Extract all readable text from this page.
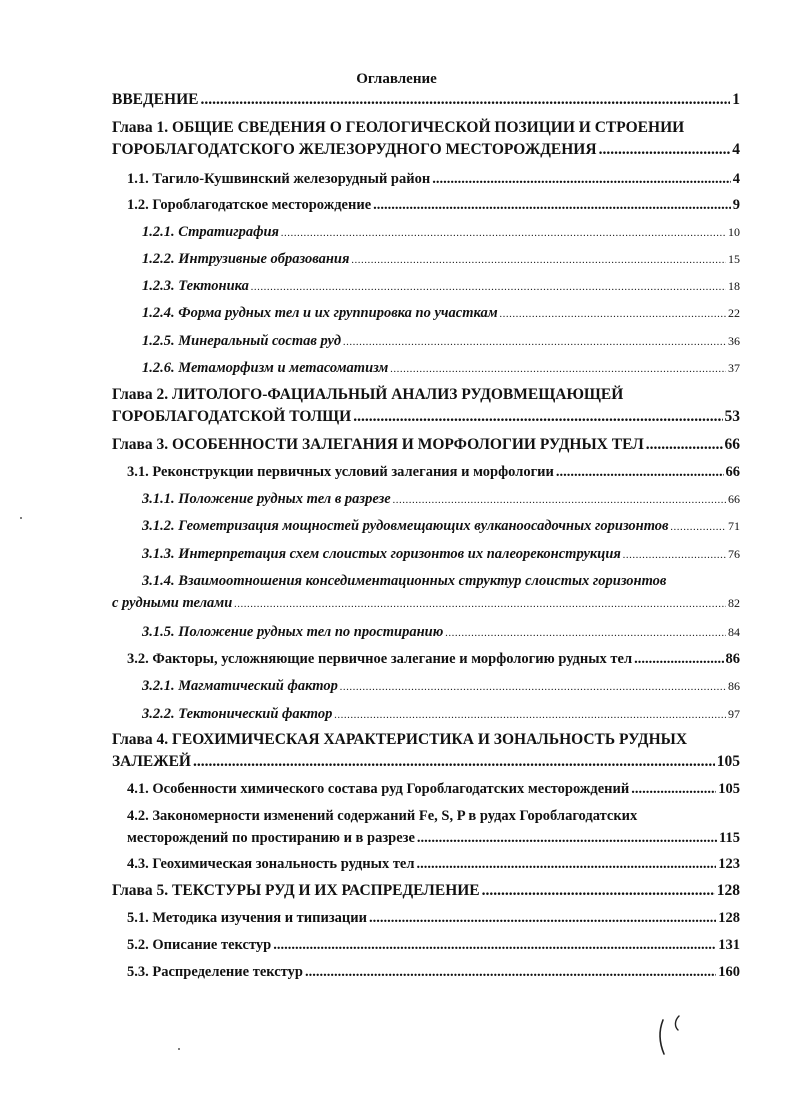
Оглавление
ВВЕДЕНИЕ .....	1
Глава 1. ОБЩИЕ СВЕДЕНИЯ О ГЕОЛОГИЧЕСКОЙ ПОЗИЦИИ И СТРОЕНИИ
ГОРОБЛАГОДАТСКОГО ЖЕЛЕЗОРУДНОГО МЕСТОРОЖДЕНИЯ .....	4
1.1. Тагило-Кушвинский железорудный район .....	4
1.2. Гороблагодатское месторождение .....	9
1.2.1. Стратиграфия .....	10
1.2.2. Интрузивные образования .....	15
1.2.3. Тектоника .....	18
1.2.4. Форма рудных тел и их группировка по участкам .....	22
1.2.5. Минеральный состав руд .....	36
1.2.6. Метаморфизм и метасоматизм .....	37
Глава 2. ЛИТОЛОГО-ФАЦИАЛЬНЫЙ АНАЛИЗ РУДОВМЕЩАЮЩЕЙ
ГОРОБЛАГОДАТСКОЙ ТОЛЩИ .....	53
Глава 3. ОСОБЕННОСТИ ЗАЛЕГАНИЯ И МОРФОЛОГИИ РУДНЫХ ТЕЛ .....	66
3.1. Реконструкции первичных условий залегания и морфологии .....	66
3.1.1. Положение рудных тел в разрезе .....	66
3.1.2. Геометризация мощностей рудовмещающих вулканоосадочных горизонтов .....	71
3.1.3. Интерпретация схем слоистых горизонтов их палеореконструкция .....	76
3.1.4. Взаимоотношения конседиментационных структур слоистых горизонтов
с рудными телами .....	82
3.1.5. Положение рудных тел по простиранию .....	84
3.2. Факторы, усложняющие первичное залегание и морфологию рудных тел .....	86
3.2.1. Магматический фактор .....	86
3.2.2. Тектонический фактор .....	97
Глава 4. ГЕОХИМИЧЕСКАЯ ХАРАКТЕРИСТИКА И ЗОНАЛЬНОСТЬ РУДНЫХ
ЗАЛЕЖЕЙ .....	105
4.1. Особенности химического состава руд Гороблагодатских месторождений .....	105
4.2. Закономерности изменений содержаний Fe, S, P в рудах Гороблагодатских
месторождений по простиранию и в разрезе .....	115
4.3. Геохимическая зональность рудных тел .....	123
Глава 5. ТЕКСТУРЫ РУД И ИХ РАСПРЕДЕЛЕНИЕ .....	128
5.1. Методика изучения и типизации .....	128
5.2. Описание текстур .....	131
5.3. Распределение текстур .....	160
